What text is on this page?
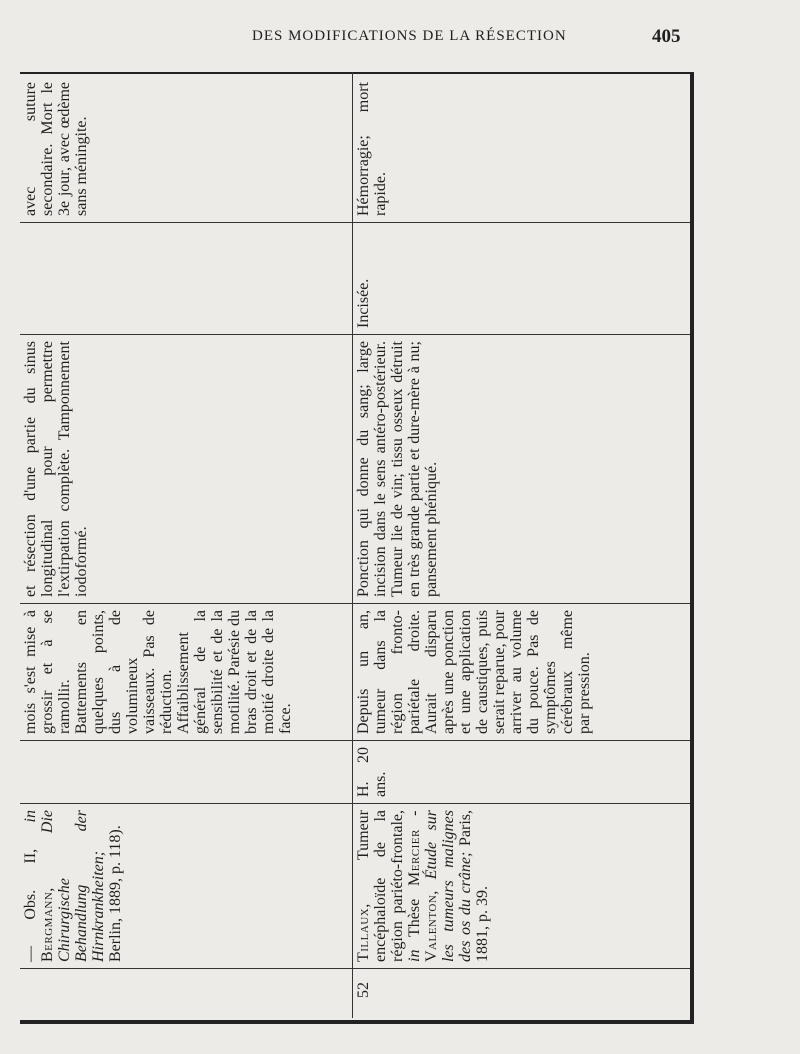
DES MODIFICATIONS DE LA RÉSECTION	405
— Obs. II, in Bergmann, Die Chirurgische Behandlung der Hirnkrankheiten; Berlin, 1889, p. 118).
mois s'est mise à grossir et à se ramollir. Battements en quelques points, dus à de volumineux vaisseaux. Pas de réduction. Affaiblissement général de la sensibilité et de la motilité. Parésie du bras droit et de la moitié droite de la face.
et résection d'une partie du sinus longitudinal pour permettre l'extirpation complète. Tamponnement iodoformé.
avec suture secondaire. Mort le 3e jour, avec œdème sans méningite.
52
Tillaux, Tumeur encéphaloïde de la région pariéto-frontale, in Thèse Mercier - Valenton, Étude sur les tumeurs malignes des os du crâne; Paris, 1881, p. 39.
H. 20 ans.
Depuis un an, tumeur dans la région fronto-pariétale droite. Aurait disparu après une ponction et une application de caustiques, puis serait reparue, pour arriver au volume du pouce. Pas de symptômes cérébraux même par pression.
Ponction qui donne du sang; large incision dans le sens antéro-postérieur. Tumeur lie de vin; tissu osseux détruit en très grande partie et dure-mère à nu; pansement phéniqué.
Incisée.
Hémorragie; mort rapide.
